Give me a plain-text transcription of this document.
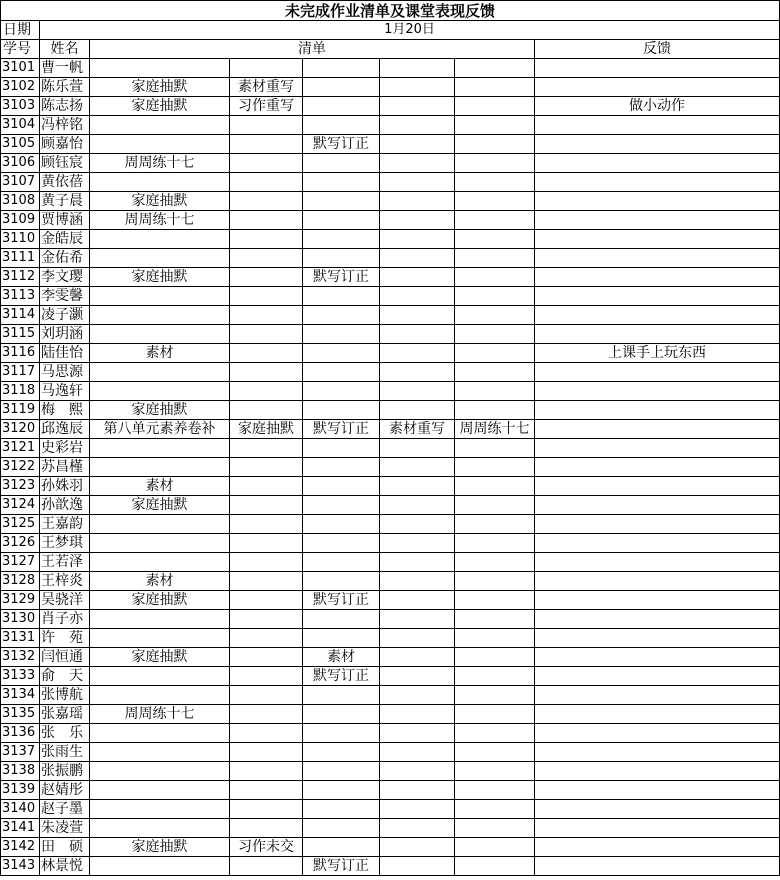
未完成作业清单及课堂表现反馈							
日期	1月20日						
学号	姓名	清单					反馈
3101	曹一帆						
3102	陈乐萱	家庭抽默	素材重写				
3103	陈志扬	家庭抽默	习作重写				做小动作
3104	冯梓铭						
3105	顾嘉怡			默写订正			
3106	顾钰宸	周周练十七					
3107	黄依蓓						
3108	黄子晨	家庭抽默					
3109	贾博涵	周周练十七					
3110	金皓辰						
3111	金佑希						
3112	李文璎	家庭抽默		默写订正			
3113	李雯馨						
3114	凌子灏						
3115	刘玥涵						
3116	陆佳怡	素材					上课手上玩东西
3117	马思源						
3118	马逸轩						
3119	梅　熙	家庭抽默					
3120	邱逸辰	第八单元素养卷补	家庭抽默	默写订正	素材重写	周周练十七	
3121	史彩岩						
3122	苏昌槿						
3123	孙姝羽	素材					
3124	孙歆逸	家庭抽默					
3125	王嘉韵						
3126	王梦琪						
3127	王若泽						
3128	王梓炎	素材					
3129	吴骁洋	家庭抽默		默写订正			
3130	肖子亦						
3131	许　苑						
3132	闫恒通	家庭抽默		素材			
3133	俞　天			默写订正			
3134	张博航						
3135	张嘉瑶	周周练十七					
3136	张　乐						
3137	张雨生						
3138	张振鹏						
3139	赵婧彤						
3140	赵子墨						
3141	朱凌萱						
3142	田　硕	家庭抽默	习作未交				
3143	林景悦			默写订正			
